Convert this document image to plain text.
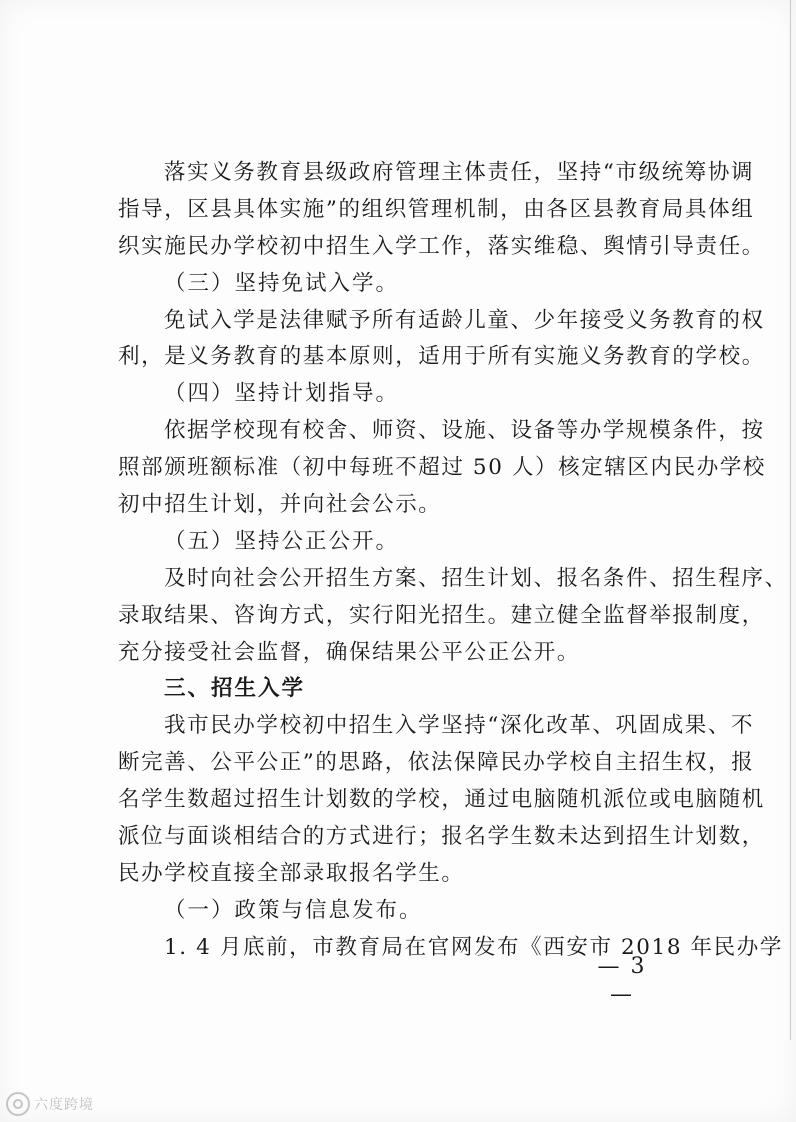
落实义务教育县级政府管理主体责任，坚持“市级统筹协调
指导，区县具体实施”的组织管理机制，由各区县教育局具体组
织实施民办学校初中招生入学工作，落实维稳、舆情引导责任。
（三）坚持免试入学。
免试入学是法律赋予所有适龄儿童、少年接受义务教育的权
利，是义务教育的基本原则，适用于所有实施义务教育的学校。
（四）坚持计划指导。
依据学校现有校舍、师资、设施、设备等办学规模条件，按
照部颁班额标准（初中每班不超过 50 人）核定辖区内民办学校
初中招生计划，并向社会公示。
（五）坚持公正公开。
及时向社会公开招生方案、招生计划、报名条件、招生程序、
录取结果、咨询方式，实行阳光招生。建立健全监督举报制度，
充分接受社会监督，确保结果公平公正公开。
三、招生入学
我市民办学校初中招生入学坚持“深化改革、巩固成果、不
断完善、公平公正”的思路，依法保障民办学校自主招生权，报
名学生数超过招生计划数的学校，通过电脑随机派位或电脑随机
派位与面谈相结合的方式进行；报名学生数未达到招生计划数，
民办学校直接全部录取报名学生。
（一）政策与信息发布。
1. 4 月底前，市教育局在官网发布《西安市 2018 年民办学
— 3 —
六度跨境
